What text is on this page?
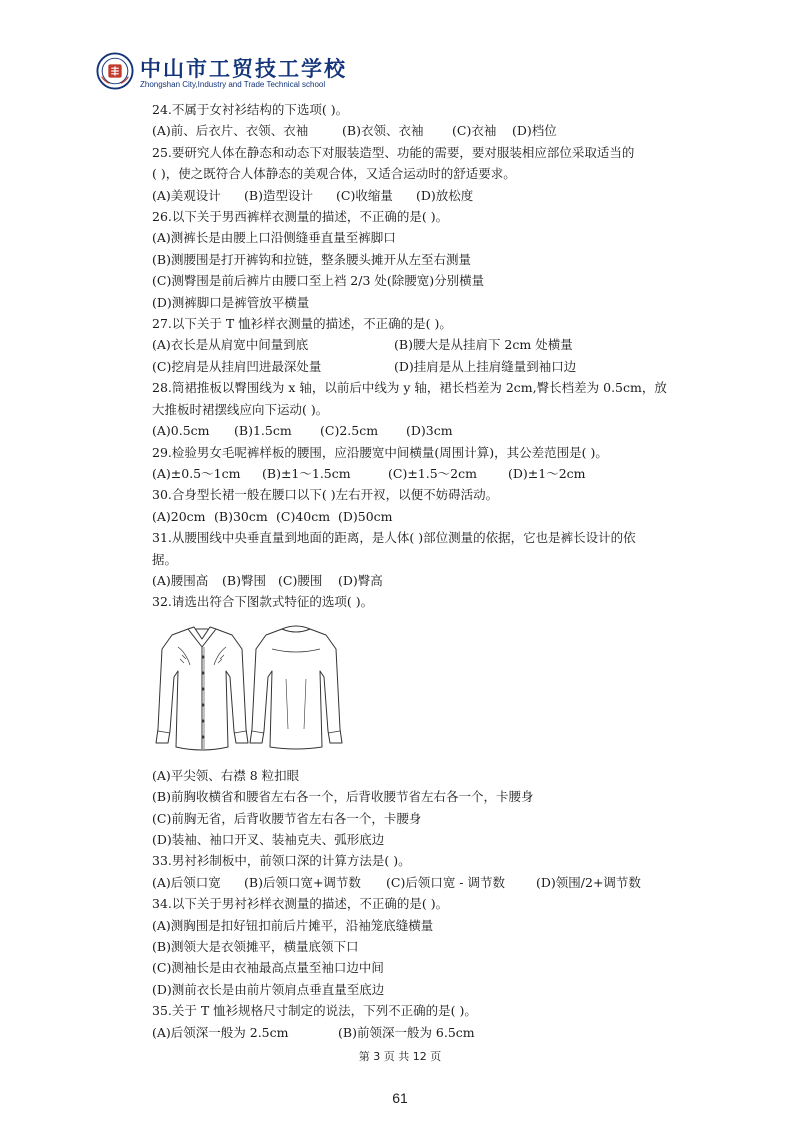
中山市工贸技工学校
Zhongshan City,Industry and Trade Technical school

24.不属于女衬衫结构的下选项( )。

(A)前、后衣片、衣领、衣袖	(B)衣领、衣袖	(C)衣袖	(D)档位

25.要研究人体在静态和动态下对服装造型、功能的需要，要对服装相应部位采取适当的

( )，使之既符合人体静态的美观合体，又适合运动时的舒适要求。

(A)美观设计	(B)造型设计	(C)收缩量	(D)放松度

26.以下关于男西裤样衣测量的描述，不正确的是( )。

(A)测裤长是由腰上口沿侧缝垂直量至裤脚口

(B)测腰围是打开裤钩和拉链，整条腰头摊开从左至右测量

(C)测臀围是前后裤片由腰口至上裆 2/3 处(除腰宽)分别横量

(D)测裤脚口是裤管放平横量

27.以下关于 T 恤衫样衣测量的描述，不正确的是( )。

(A)衣长是从肩宽中间量到底	(B)腰大是从挂肩下 2cm 处横量
(C)挖肩是从挂肩凹进最深处量	(D)挂肩是从上挂肩缝量到袖口边

28.筒裙推板以臀围线为 x 轴，以前后中线为 y 轴，裙长档差为 2cm,臀长档差为 0.5cm，放

大推板时裙摆线应向下运动( )。

(A)0.5cm	(B)1.5cm	(C)2.5cm	(D)3cm

29.检验男女毛呢裤样板的腰围，应沿腰宽中间横量(周围计算)，其公差范围是( )。

(A)±0.5～1cm	(B)±1～1.5cm	(C)±1.5～2cm	(D)±1～2cm

30.合身型长裙一般在腰口以下( )左右开衩，以便不妨碍活动。

(A)20cm (B)30cm (C)40cm (D)50cm

31.从腰围线中央垂直量到地面的距离，是人体( )部位测量的依据，它也是裤长设计的依

据。

(A)腰围高	(B)臀围 (C)腰围	(D)臀高

32.请选出符合下图款式特征的选项( )。

(A)平尖领、右襟 8 粒扣眼

(B)前胸收横省和腰省左右各一个，后背收腰节省左右各一个，卡腰身

(C)前胸无省，后背收腰节省左右各一个，卡腰身

(D)装袖、袖口开叉、装袖克夫、弧形底边

33.男衬衫制板中，前领口深的计算方法是( )。

(A)后领口宽	(B)后领口宽+调节数	(C)后领口宽 - 调节数	(D)领围/2+调节数

34.以下关于男衬衫样衣测量的描述，不正确的是( )。

(A)测胸围是扣好钮扣前后片摊平，沿袖笼底缝横量

(B)测领大是衣领摊平，横量底领下口

(C)测袖长是由衣袖最高点量至袖口边中间

(D)测前衣长是由前片领肩点垂直量至底边

35.关于 T 恤衫规格尺寸制定的说法，下列不正确的是( )。

(A)后领深一般为 2.5cm	(B)前领深一般为 6.5cm
第 3 页 共 12 页
61
